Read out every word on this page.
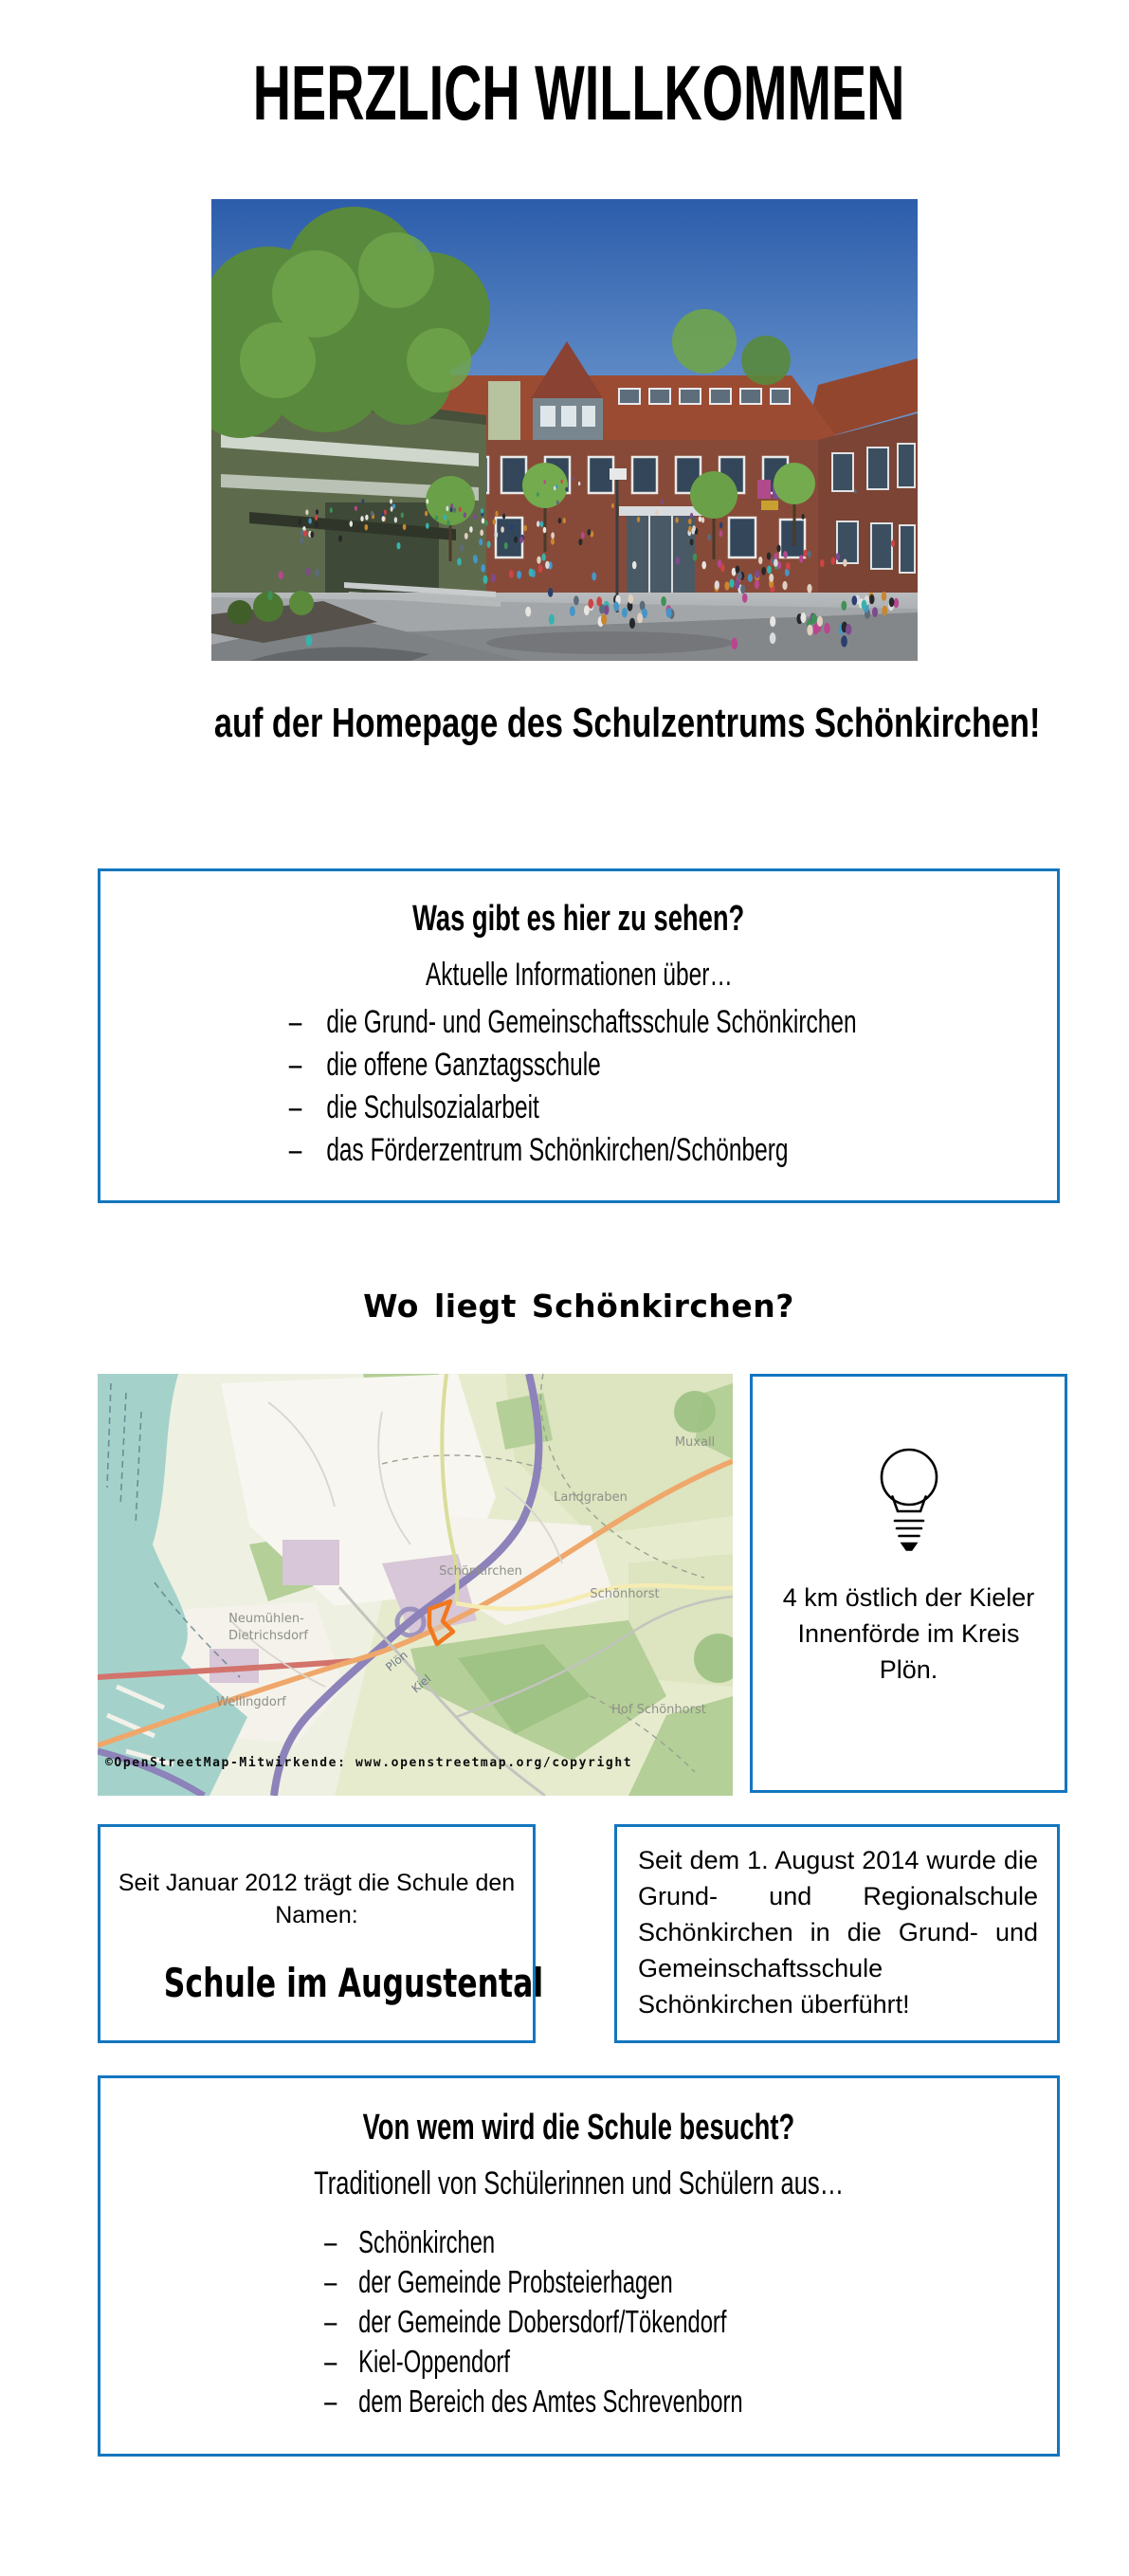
HERZLICH WILLKOMMEN

auf der Homepage des Schulzentrums Schönkirchen!

Was gibt es hier zu sehen?

Aktuelle Informationen über…

– die Grund- und Gemeinschaftsschule Schönkirchen
– die offene Ganztagsschule
– die Schulsozialarbeit
– das Förderzentrum Schönkirchen/Schönberg
Wo liegt Schönkirchen?
Muxall
Landgraben
Schönkirchen
Schönhorst
Neumühlen-
Dietrichsdorf
Wellingdorf
Hof Schönhorst
Plön
Kiel
©OpenStreetMap-Mitwirkende: www.openstreetmap.org/copyright

4 km östlich der Kieler Innenförde im Kreis Plön.

Seit Januar 2012 trägt die Schule den Namen:

Schule im Augustental

Seit dem 1. August 2014 wurde die Grund- und Regionalschule Schönkirchen in die Grund- und Gemeinschaftsschule Schönkirchen überführt!

Von wem wird die Schule besucht?

Traditionell von Schülerinnen und Schülern aus…

– Schönkirchen
– der Gemeinde Probsteierhagen
– der Gemeinde Dobersdorf/Tökendorf
– Kiel-Oppendorf
– dem Bereich des Amtes Schrevenborn
